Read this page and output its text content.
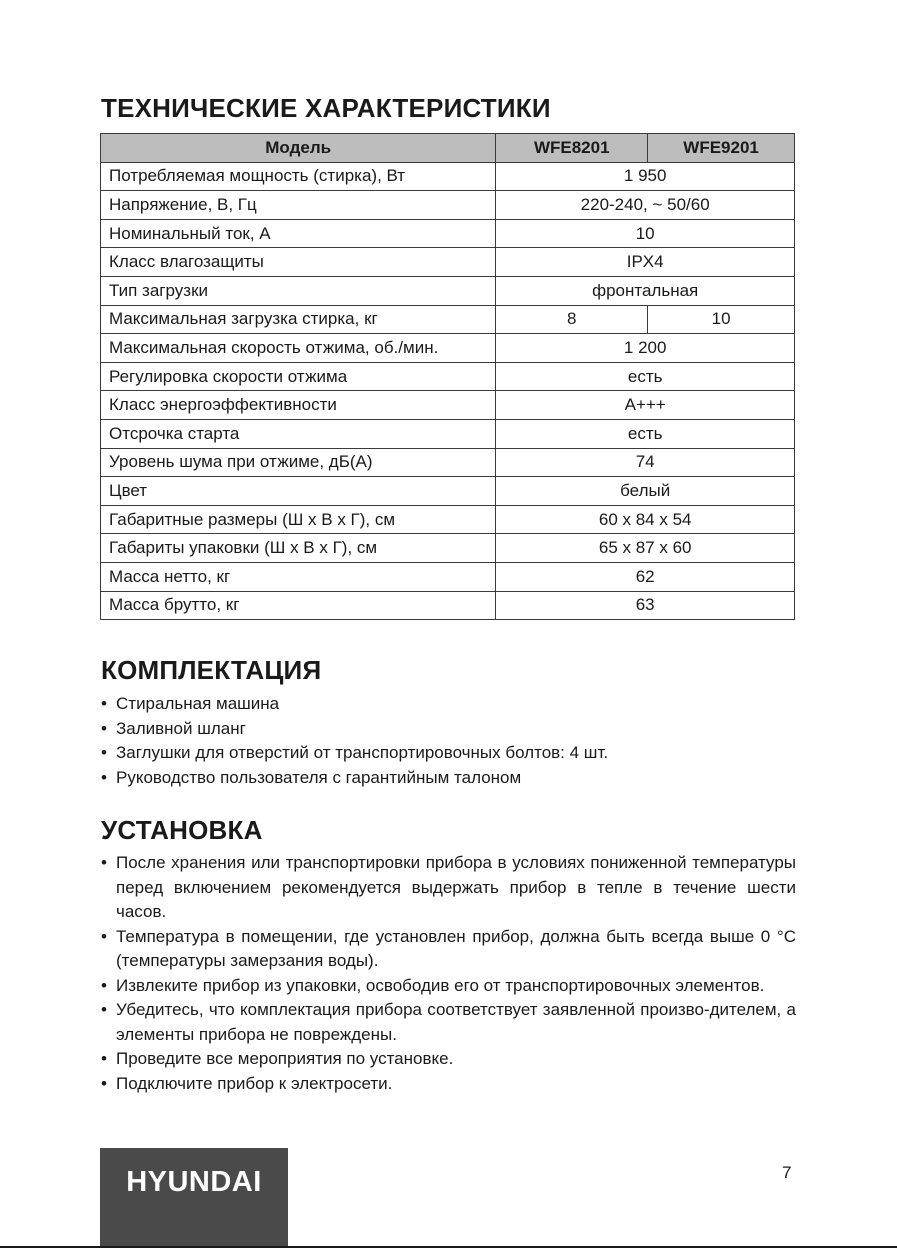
ТЕХНИЧЕСКИЕ ХАРАКТЕРИСТИКИ
Модель	WFE8201	WFE9201
Потребляемая мощность (стирка), Вт	1 950	
Напряжение, В, Гц	220-240, ~ 50/60	
Номинальный ток, А	10	
Класс влагозащиты	IPX4	
Тип загрузки	фронтальная	
Максимальная загрузка стирка, кг	8	10
Максимальная скорость отжима, об./мин.	1 200	
Регулировка скорости отжима	есть	
Класс энергоэффективности	A+++	
Отсрочка старта	есть	
Уровень шума при отжиме, дБ(А)	74	
Цвет	белый	
Габаритные размеры (Ш x В x Г), см	60 x 84 x 54	
Габариты упаковки (Ш x В x Г), см	65 x 87 x 60	
Масса нетто, кг	62	
Масса брутто, кг	63	
КОМПЛЕКТАЦИЯ
• Стиральная машина
• Заливной шланг
• Заглушки для отверстий от транспортировочных болтов: 4 шт.
• Руководство пользователя с гарантийным талоном
УСТАНОВКА
• После хранения или транспортировки прибора в условиях пониженной температуры перед включением рекомендуется выдержать прибор в тепле в течение шести часов.
• Температура в помещении, где установлен прибор, должна быть всегда выше 0 °С (температуры замерзания воды).
• Извлеките прибор из упаковки, освободив его от транспортировочных элементов.
• Убедитесь, что комплектация прибора соответствует заявленной произво-дителем, а элементы прибора не повреждены.
• Проведите все мероприятия по установке.
• Подключите прибор к электросети.
HYUNDAI	7
